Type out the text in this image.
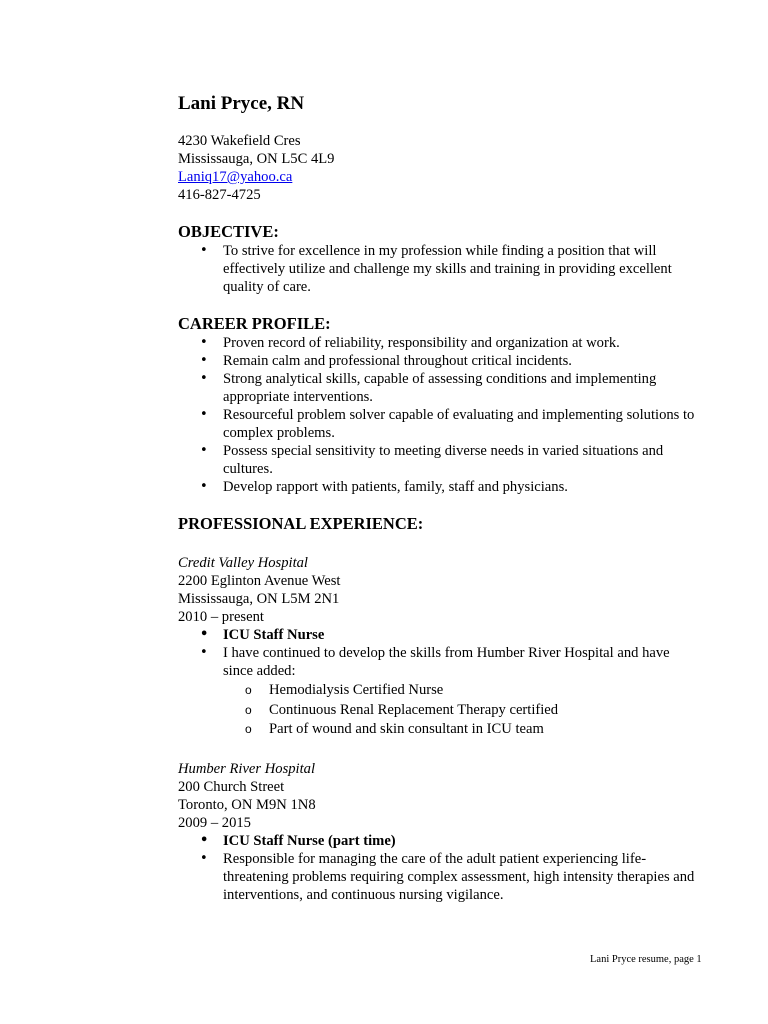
Lani Pryce, RN
4230 Wakefield Cres
Mississauga, ON L5C 4L9
Laniq17@yahoo.ca
416-827-4725
OBJECTIVE:
• To strive for excellence in my profession while finding a position that will effectively utilize and challenge my skills and training in providing excellent quality of care.
CAREER PROFILE:
• Proven record of reliability, responsibility and organization at work.
• Remain calm and professional throughout critical incidents.
• Strong analytical skills, capable of assessing conditions and implementing appropriate interventions.
• Resourceful problem solver capable of evaluating and implementing solutions to complex problems.
• Possess special sensitivity to meeting diverse needs in varied situations and cultures.
• Develop rapport with patients, family, staff and physicians.
PROFESSIONAL EXPERIENCE:
Credit Valley Hospital
2200 Eglinton Avenue West
Mississauga, ON L5M 2N1
2010 – present
• ICU Staff Nurse
• I have continued to develop the skills from Humber River Hospital and have since added:
o Hemodialysis Certified Nurse
o Continuous Renal Replacement Therapy certified
o Part of wound and skin consultant in ICU team
Humber River Hospital
200 Church Street
Toronto, ON M9N 1N8
2009 – 2015
• ICU Staff Nurse (part time)
• Responsible for managing the care of the adult patient experiencing life-threatening problems requiring complex assessment, high intensity therapies and interventions, and continuous nursing vigilance.
Lani Pryce resume, page 1
